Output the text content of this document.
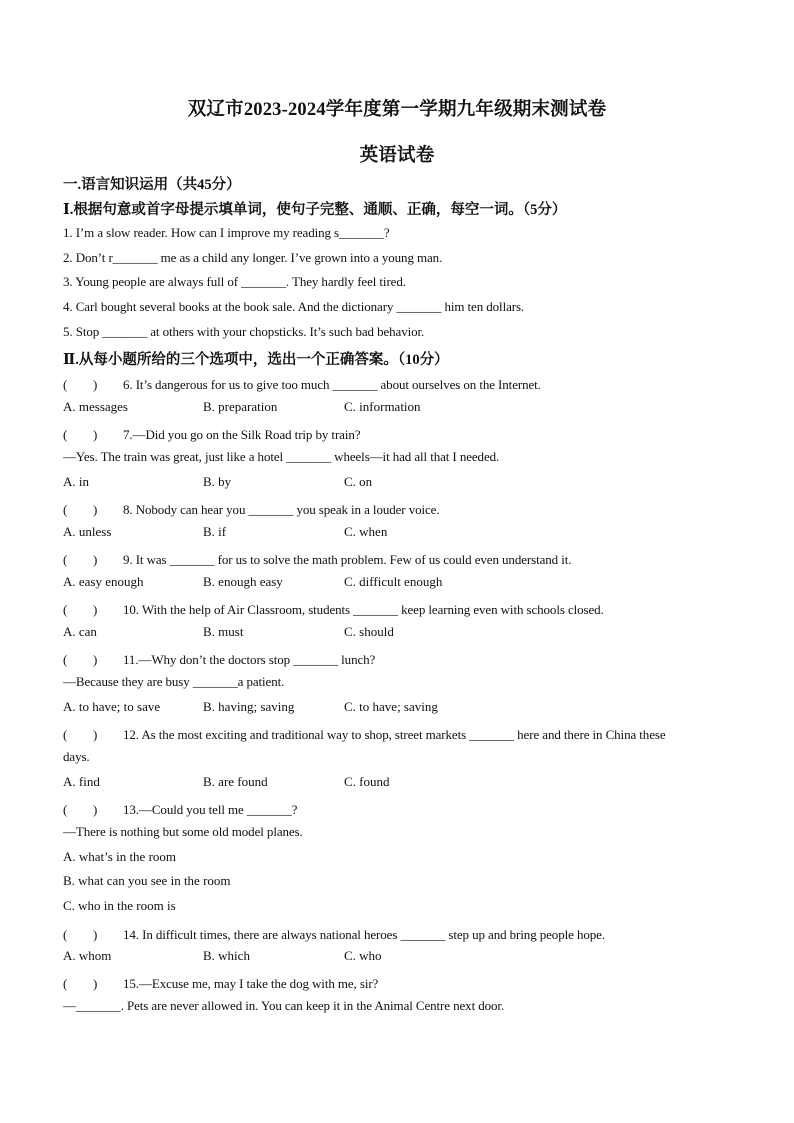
双辽市2023-2024学年度第一学期九年级期末测试卷
英语试卷
一.语言知识运用（共45分）
Ⅰ.根据句意或首字母提示填单词，使句子完整、通顺、正确，每空一词。（5分）
1. I’m a slow reader. How can I improve my reading s_______?
2. Don’t r_______ me as a child any longer. I’ve grown into a young man.
3. Young people are always full of _______. They hardly feel tired.
4. Carl bought several books at the book sale. And the dictionary _______ him ten dollars.
5. Stop _______ at others with your chopsticks. It’s such bad behavior.
Ⅱ.从每小题所给的三个选项中，选出一个正确答案。（10分）
(　　) 6. It’s dangerous for us to give too much _______ about ourselves on the Internet.
A. messages	B. preparation	C. information
(　　) 7.—Did you go on the Silk Road trip by train?
—Yes. The train was great, just like a hotel _______ wheels—it had all that I needed.
A. in	B. by	C. on
(　　) 8. Nobody can hear you _______ you speak in a louder voice.
A. unless	B. if	C. when
(　　) 9. It was _______ for us to solve the math problem. Few of us could even understand it.
A. easy enough	B. enough easy	C. difficult enough
(　　) 10. With the help of Air Classroom, students _______ keep learning even with schools closed.
A. can	B. must	C. should
(　　) 11.—Why don’t the doctors stop _______ lunch?
—Because they are busy _______a patient.
A. to have; to save	B. having; saving	C. to have; saving
(　　) 12. As the most exciting and traditional way to shop, street markets _______ here and there in China these
days.
A. find	B. are found	C. found
(　　) 13.—Could you tell me _______?
—There is nothing but some old model planes.
A. what’s in the room
B. what can you see in the room
C. who in the room is
(　　) 14. In difficult times, there are always national heroes _______ step up and bring people hope.
A. whom	B. which	C. who
(　　) 15.—Excuse me, may I take the dog with me, sir?
—_______. Pets are never allowed in. You can keep it in the Animal Centre next door.
